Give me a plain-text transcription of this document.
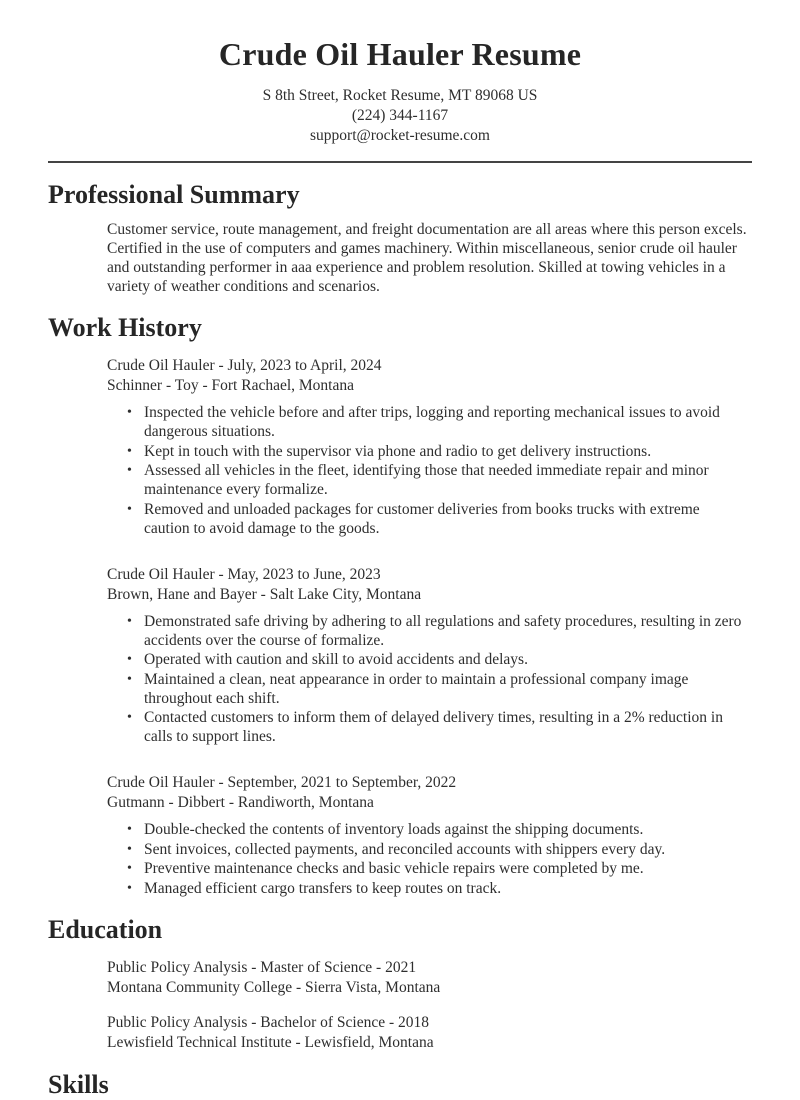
Crude Oil Hauler Resume
S 8th Street, Rocket Resume, MT 89068 US
(224) 344-1167
support@rocket-resume.com
Professional Summary

Customer service, route management, and freight documentation are all areas where this person excels. Certified in the use of computers and games machinery. Within miscellaneous, senior crude oil hauler and outstanding performer in aaa experience and problem resolution. Skilled at towing vehicles in a variety of weather conditions and scenarios.

Work History
Crude Oil Hauler - July, 2023 to April, 2024
Schinner - Toy - Fort Rachael, Montana
• Inspected the vehicle before and after trips, logging and reporting mechanical issues to avoid dangerous situations.
• Kept in touch with the supervisor via phone and radio to get delivery instructions.
• Assessed all vehicles in the fleet, identifying those that needed immediate repair and minor maintenance every formalize.
• Removed and unloaded packages for customer deliveries from books trucks with extreme caution to avoid damage to the goods.
Crude Oil Hauler - May, 2023 to June, 2023
Brown, Hane and Bayer - Salt Lake City, Montana
• Demonstrated safe driving by adhering to all regulations and safety procedures, resulting in zero accidents over the course of formalize.
• Operated with caution and skill to avoid accidents and delays.
• Maintained a clean, neat appearance in order to maintain a professional company image throughout each shift.
• Contacted customers to inform them of delayed delivery times, resulting in a 2% reduction in calls to support lines.
Crude Oil Hauler - September, 2021 to September, 2022
Gutmann - Dibbert - Randiworth, Montana
• Double-checked the contents of inventory loads against the shipping documents.
• Sent invoices, collected payments, and reconciled accounts with shippers every day.
• Preventive maintenance checks and basic vehicle repairs were completed by me.
• Managed efficient cargo transfers to keep routes on track.
Education
Public Policy Analysis - Master of Science - 2021
Montana Community College - Sierra Vista, Montana
Public Policy Analysis - Bachelor of Science - 2018
Lewisfield Technical Institute - Lewisfield, Montana
Skills
